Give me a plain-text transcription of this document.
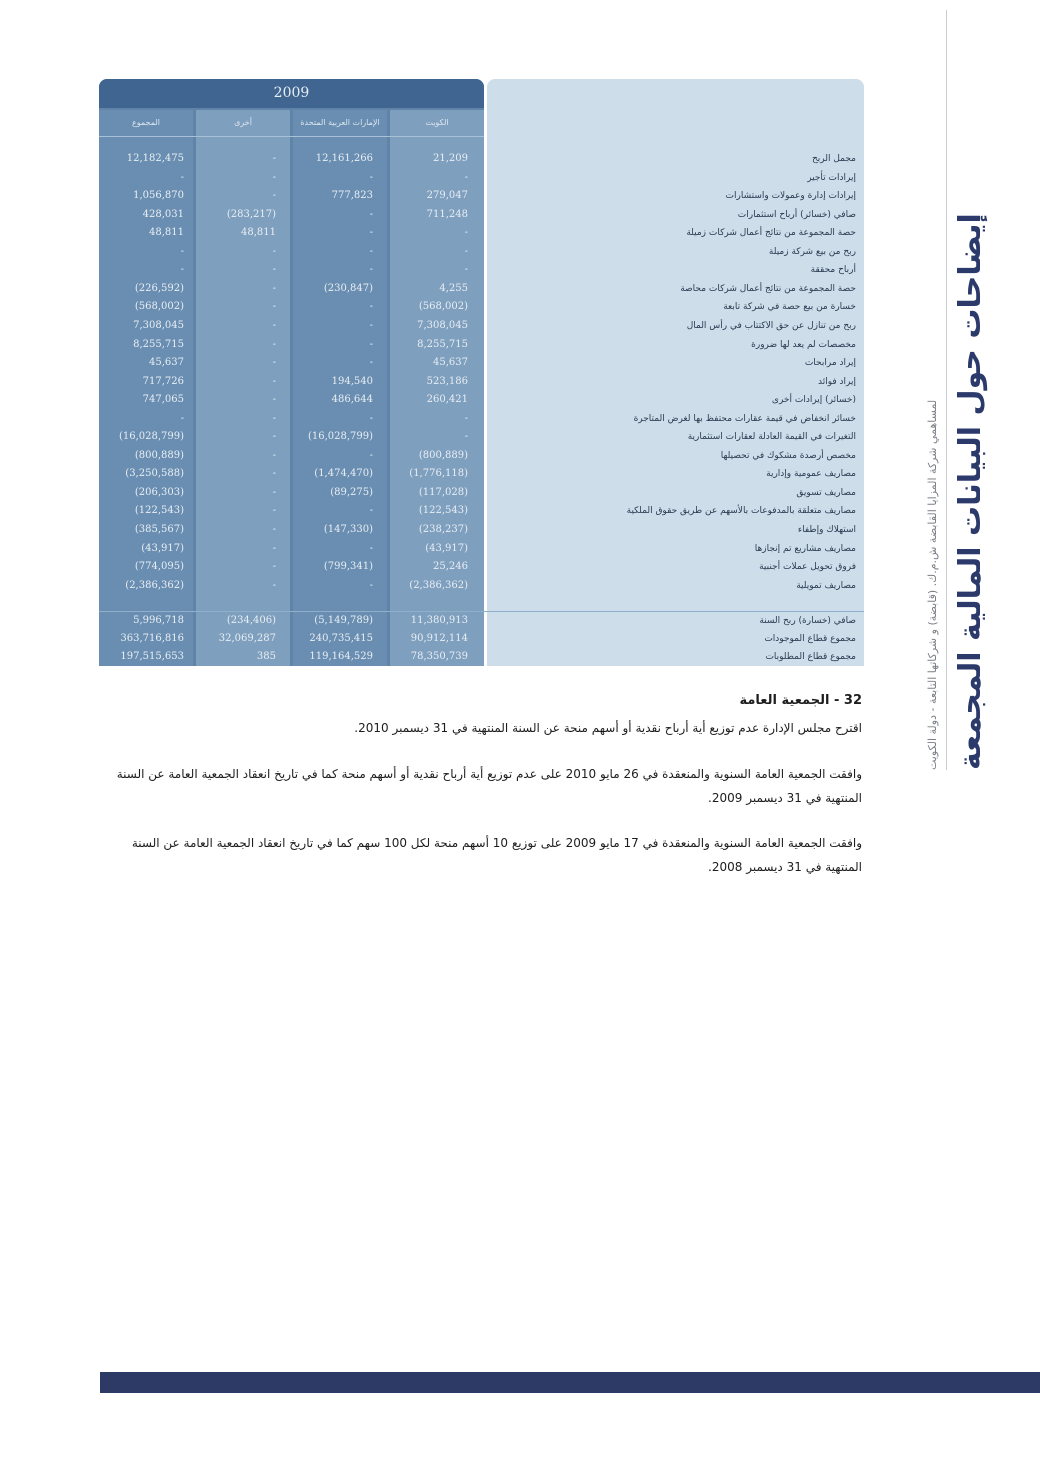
إيضاحات حول البيانات المالية المجمعة
لمساهمي شركة المزايا القابضة ش.م.ك. (قابضة) و شركاتها التابعة - دولة الكويت
2009
المجموع	أخرى	الإمارات العربية المتحدة	الكويت
12,182,475	-	12,161,266	21,209	مجمل الربح
-	-	-	-	إيرادات تأجير
1,056,870	-	777,823	279,047	إيرادات إدارة وعمولات واستشارات
428,031	(283,217)	-	711,248	صافي (خسائر) أرباح استثمارات
48,811	48,811	-	-	حصة المجموعة من نتائج أعمال شركات زميلة
-	-	-	-	ربح من بيع شركة زميلة
-	-	-	-	أرباح محققة
(226,592)	-	(230,847)	4,255	حصة المجموعة من نتائج أعمال شركات محاصة
(568,002)	-	-	(568,002)	خسارة من بيع حصة في شركة تابعة
7,308,045	-	-	7,308,045	ربح من تنازل عن حق الاكتتاب في رأس المال
8,255,715	-	-	8,255,715	مخصصات لم يعد لها ضرورة
45,637	-	-	45,637	إيراد مرابحات
717,726	-	194,540	523,186	إيراد فوائد
747,065	-	486,644	260,421	(خسائر) إيرادات أخرى
-	-	-	-	خسائر انخفاض في قيمة عقارات محتفظ بها لغرض المتاجرة
(16,028,799)	-	(16,028,799)	-	التغيرات في القيمة العادلة لعقارات استثمارية
(800,889)	-	-	(800,889)	مخصص أرصدة مشكوك في تحصيلها
(3,250,588)	-	(1,474,470)	(1,776,118)	مصاريف عمومية وإدارية
(206,303)	-	(89,275)	(117,028)	مصاريف تسويق
(122,543)	-	-	(122,543)	مصاريف متعلقة بالمدفوعات بالأسهم عن طريق حقوق الملكية
(385,567)	-	(147,330)	(238,237)	استهلاك وإطفاء
(43,917)	-	-	(43,917)	مصاريف مشاريع تم إنجازها
(774,095)	-	(799,341)	25,246	فروق تحويل عملات أجنبية
(2,386,362)	-	-	(2,386,362)	مصاريف تمويلية
5,996,718	(234,406)	(5,149,789)	11,380,913	صافي (خسارة) ربح السنة
363,716,816	32,069,287	240,735,415	90,912,114	مجموع قطاع الموجودات
197,515,653	385	119,164,529	78,350,739	مجموع قطاع المطلوبات
32 - الجمعية العامة
اقترح مجلس الإدارة عدم توزيع أية أرباح نقدية أو أسهم منحة عن السنة المنتهية في 31 ديسمبر 2010.
وافقت الجمعية العامة السنوية والمنعقدة في 26 مايو 2010 على عدم توزيع أية أرباح نقدية أو أسهم منحة كما في تاريخ انعقاد الجمعية العامة عن السنة المنتهية في 31 ديسمبر 2009.
وافقت الجمعية العامة السنوية والمنعقدة في 17 مايو 2009 على توزيع 10 أسهم منحة لكل 100 سهم كما في تاريخ انعقاد الجمعية العامة عن السنة المنتهية في 31 ديسمبر 2008.
